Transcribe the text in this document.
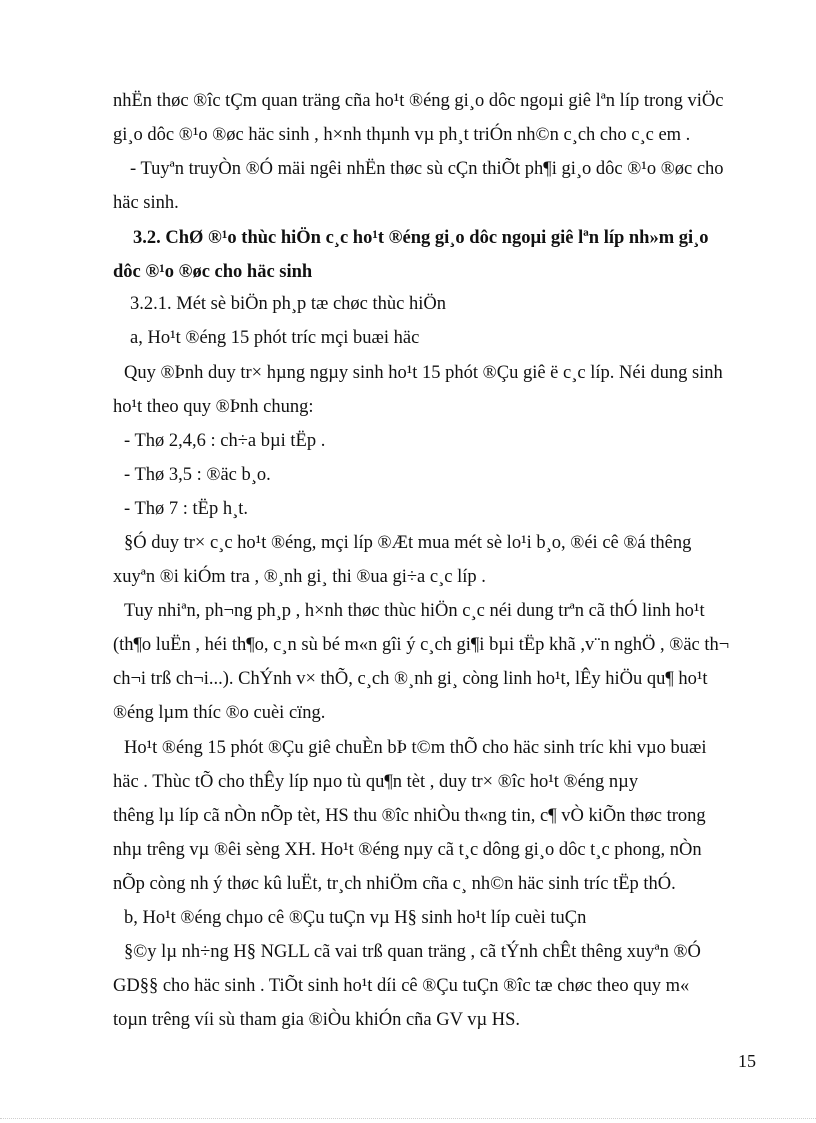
nhËn thøc ®îc tÇm quan träng cña ho¹t ®éng gi¸o dôc ngoµi giê lªn líp trong viÖc
gi¸o dôc ®¹o ®øc häc sinh , h×nh thµnh vµ ph¸t triÓn nh©n c¸ch cho c¸c em .
- Tuyªn truyÒn ®Ó mäi ngêi nhËn thøc sù cÇn thiÕt ph¶i gi¸o dôc ®¹o ®øc cho
häc sinh.
3.2. ChØ ®¹o thùc hiÖn c¸c ho¹t ®éng gi¸o dôc ngoµi giê lªn líp nh»m gi¸o
dôc ®¹o ®øc cho häc sinh
3.2.1. Mét sè biÖn ph¸p tæ chøc thùc hiÖn
a, Ho¹t ®éng 15 phót tríc mçi buæi häc
Quy ®Þnh duy tr× hµng ngµy sinh ho¹t 15 phót ®Çu giê ë c¸c líp. Néi dung sinh
ho¹t theo quy ®Þnh chung:
- Thø 2,4,6 : ch÷a bµi tËp .
- Thø 3,5 : ®äc b¸o.
- Thø 7 : tËp h¸t.
§Ó duy tr× c¸c ho¹t ®éng, mçi líp ®Æt mua mét sè lo¹i b¸o, ®éi cê ®á thêng
xuyªn ®i kiÓm tra , ®¸nh gi¸ thi ®ua gi÷a c¸c líp .
Tuy nhiªn, ph¬ng ph¸p , h×nh thøc thùc hiÖn c¸c néi dung trªn cã thÓ linh ho¹t
(th¶o luËn , héi th¶o, c¸n sù bé m«n gîi ý c¸ch gi¶i bµi tËp khã ,v¨n nghÖ , ®äc th¬
ch¬i trß ch¬i...). ChÝnh v× thÕ, c¸ch ®¸nh gi¸ còng linh ho¹t, lÊy hiÖu qu¶ ho¹t
®éng lµm thíc ®o cuèi cïng.
Ho¹t ®éng 15 phót ®Çu giê chuÈn bÞ t©m thÕ cho häc sinh tríc khi vµo buæi
häc . Thùc tÕ cho thÊy líp nµo tù qu¶n tèt , duy tr× ®îc ho¹t ®éng nµy
thêng lµ líp cã nÒn nÕp tèt, HS thu ®îc nhiÒu th«ng tin, c¶ vÒ kiÕn thøc trong
nhµ trêng vµ ®êi sèng XH. Ho¹t ®éng nµy cã t¸c dông gi¸o dôc t¸c phong, nÒn
nÕp còng nh ý thøc kû luËt, tr¸ch nhiÖm cña c¸ nh©n häc sinh tríc tËp thÓ.
b, Ho¹t ®éng chµo cê ®Çu tuÇn vµ H§ sinh ho¹t líp cuèi tuÇn
§©y lµ nh÷ng H§ NGLL cã vai trß quan träng , cã tÝnh chÊt thêng xuyªn ®Ó
GD§§ cho häc sinh . TiÕt sinh ho¹t díi cê ®Çu tuÇn ®îc tæ chøc theo quy m«
toµn trêng víi sù tham gia ®iÒu khiÓn cña GV vµ HS.
15
